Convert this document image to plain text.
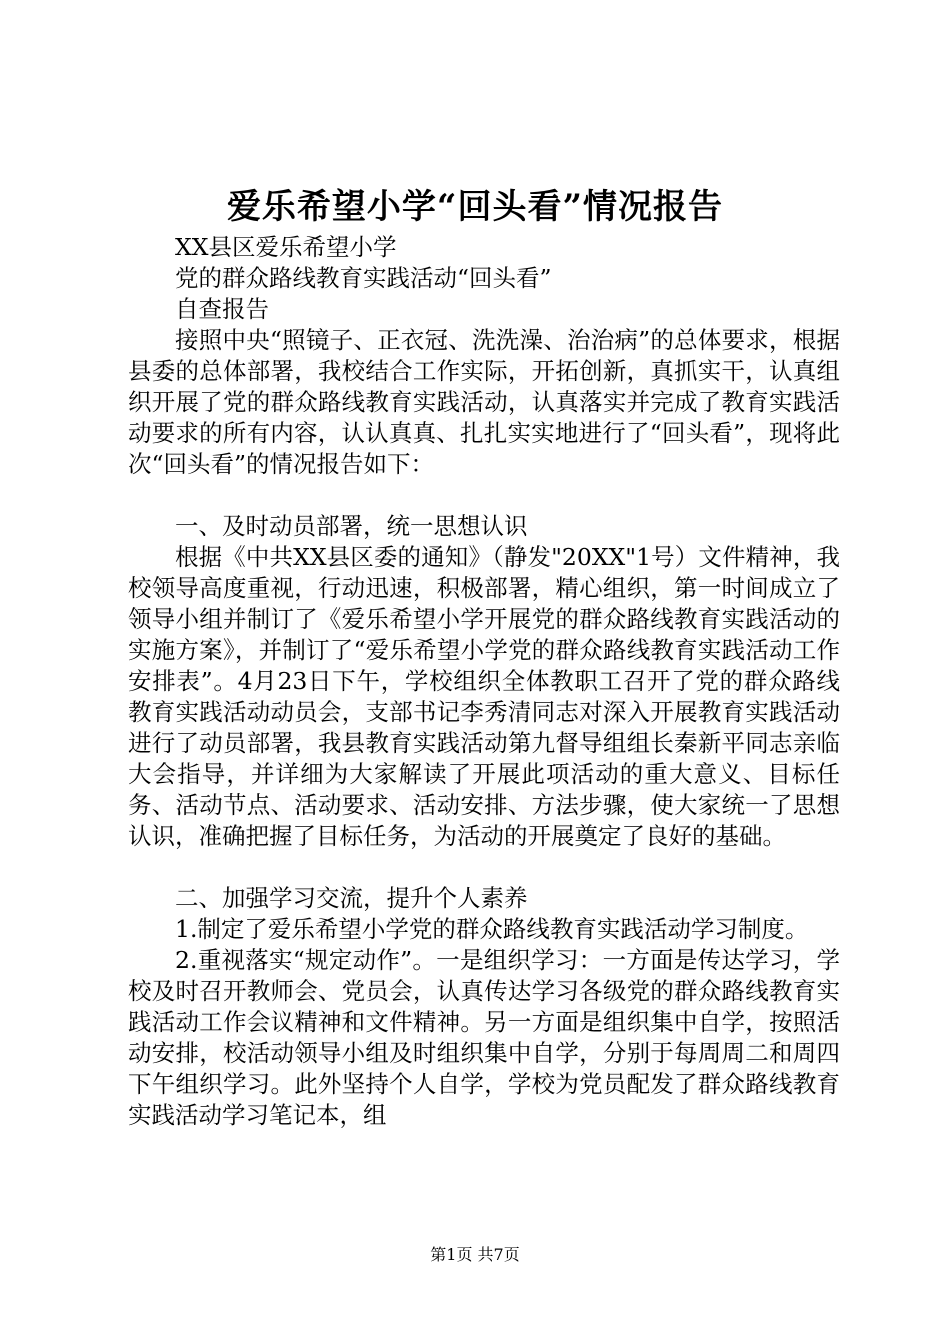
爱乐希望小学“回头看”情况报告

XX县区爱乐希望小学

党的群众路线教育实践活动“回头看”

自查报告

接照中央“照镜子、正衣冠、洗洗澡、治治病”的总体要求，根据县委的总体部署，我校结合工作实际，开拓创新，真抓实干，认真组织开展了党的群众路线教育实践活动，认真落实并完成了教育实践活动要求的所有内容，认认真真、扎扎实实地进行了“回头看”，现将此次“回头看”的情况报告如下：

一、及时动员部署，统一思想认识

根据《中共XX县区委的通知》（静发"20XX"1号）文件精神，我校领导高度重视，行动迅速，积极部署，精心组织，第一时间成立了领导小组并制订了《爱乐希望小学开展党的群众路线教育实践活动的实施方案》，并制订了“爱乐希望小学党的群众路线教育实践活动工作安排表”。4月23日下午，学校组织全体教职工召开了党的群众路线教育实践活动动员会，支部书记李秀清同志对深入开展教育实践活动进行了动员部署，我县教育实践活动第九督导组组长秦新平同志亲临大会指导，并详细为大家解读了开展此项活动的重大意义、目标任务、活动节点、活动要求、活动安排、方法步骤，使大家统一了思想认识，准确把握了目标任务，为活动的开展奠定了良好的基础。

二、加强学习交流，提升个人素养

1.制定了爱乐希望小学党的群众路线教育实践活动学习制度。

2.重视落实“规定动作”。一是组织学习：一方面是传达学习，学校及时召开教师会、党员会，认真传达学习各级党的群众路线教育实践活动工作会议精神和文件精神。另一方面是组织集中自学，按照活动安排，校活动领导小组及时组织集中自学，分别于每周周二和周四下午组织学习。此外坚持个人自学，学校为党员配发了群众路线教育实践活动学习笔记本，组

第1页 共7页
